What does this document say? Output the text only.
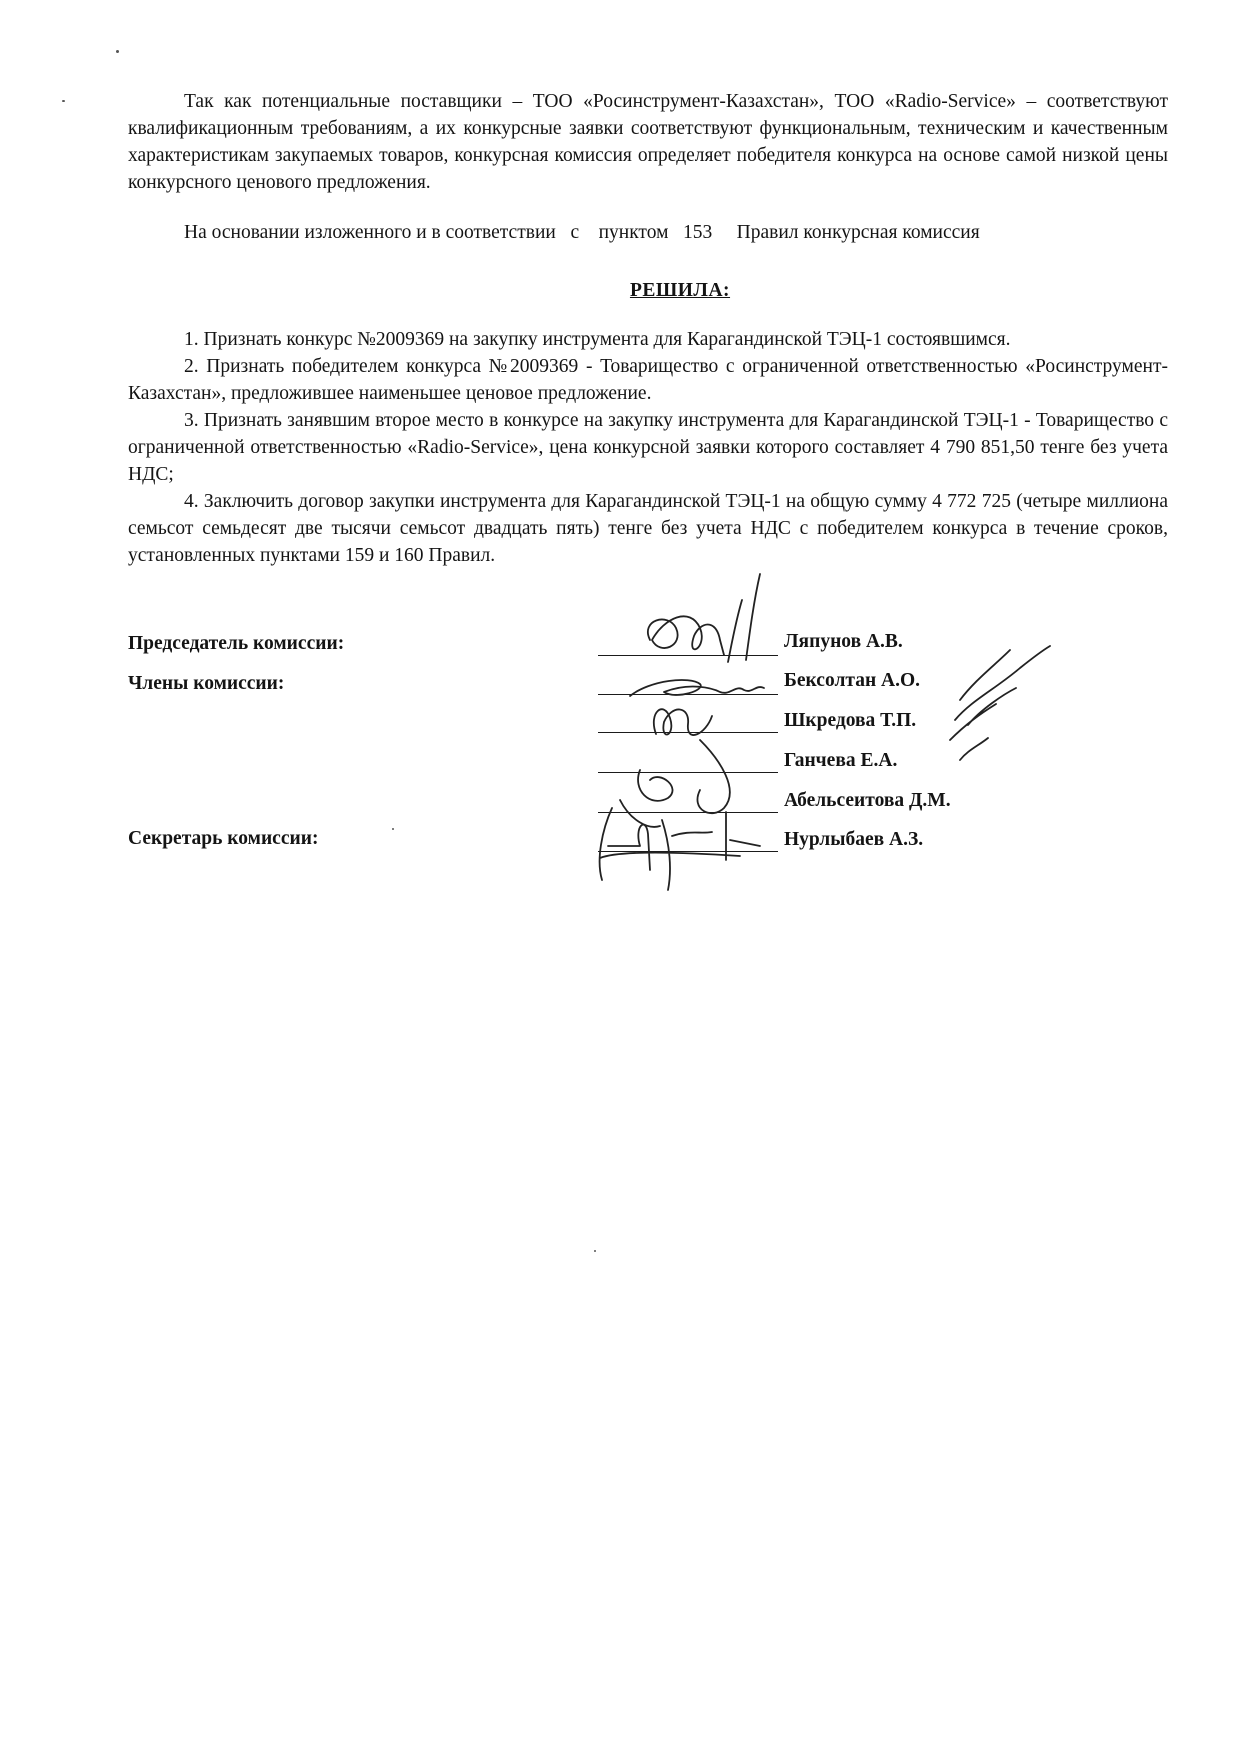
Так как потенциальные поставщики – ТОО «Росинструмент-Казахстан», ТОО «Radio-Service» – соответствуют квалификационным требованиям, а их конкурсные заявки соответствуют функциональным, техническим и качественным характеристикам закупаемых товаров, конкурсная комиссия определяет победителя конкурса на основе самой низкой цены конкурсного ценового предложения.

На основании изложенного и в соответствии   с    пунктом   153     Правил конкурсная комиссия
РЕШИЛА:

1. Признать конкурс №2009369 на закупку инструмента для Карагандинской ТЭЦ-1 состоявшимся.

2. Признать победителем конкурса №2009369 - Товарищество с ограниченной ответственностью «Росинструмент-Казахстан», предложившее наименьшее ценовое предложение.

3. Признать занявшим второе место в конкурсе на закупку инструмента для Карагандинской ТЭЦ-1 - Товарищество с ограниченной ответственностью «Radio-Service», цена конкурсной заявки которого составляет 4 790 851,50 тенге без учета НДС;

4. Заключить договор закупки инструмента для Карагандинской ТЭЦ-1 на общую сумму 4 772 725 (четыре миллиона семьсот семьдесят две тысячи семьсот двадцать пять) тенге без учета НДС с победителем конкурса в течение сроков, установленных пунктами 159 и 160 Правил.

Председатель комиссии:
Члены комиссии:
Секретарь комиссии:
Ляпунов А.В.
Бексолтан А.О.
Шкредова Т.П.
Ганчева Е.А.
Абельсеитова Д.М.
Нурлыбаев А.З.
